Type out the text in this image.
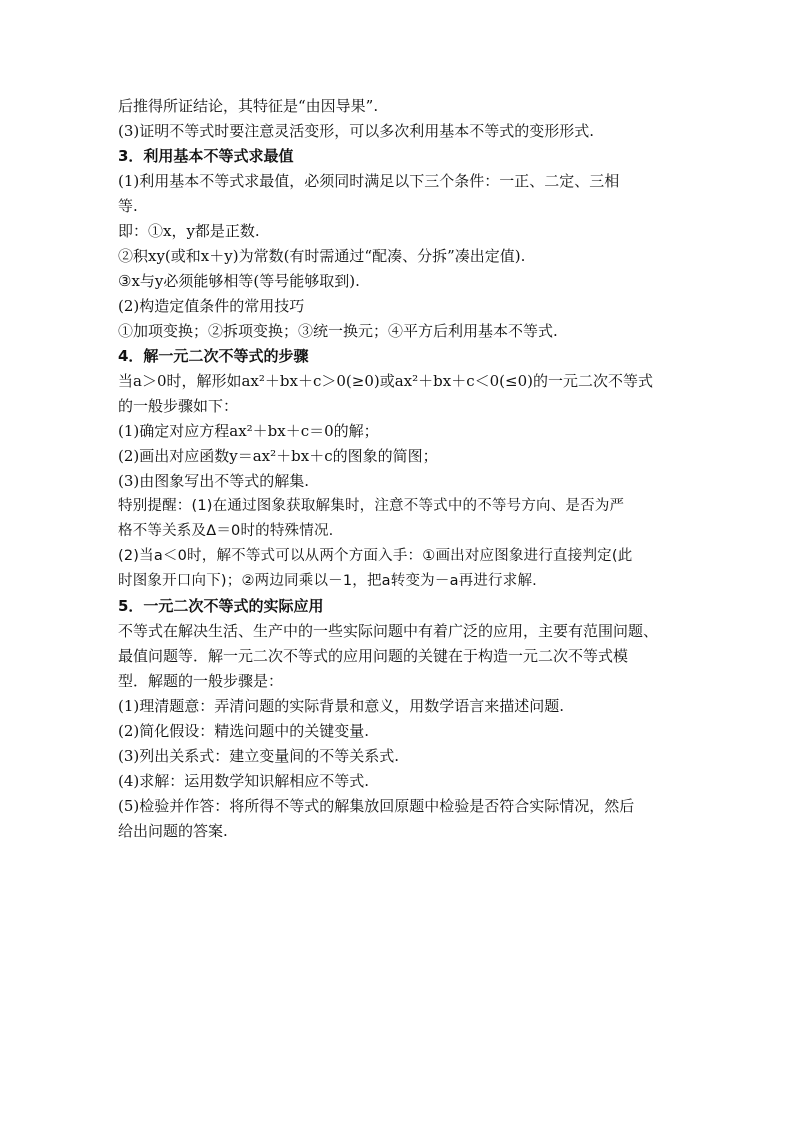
后推得所证结论，其特征是“由因导果”.
(3)证明不等式时要注意灵活变形，可以多次利用基本不等式的变形形式.
3．利用基本不等式求最值
(1)利用基本不等式求最值，必须同时满足以下三个条件：一正、二定、三相
等.
即：①x，y都是正数.
②积xy(或和x＋y)为常数(有时需通过“配凑、分拆”凑出定值).
③x与y必须能够相等(等号能够取到).
(2)构造定值条件的常用技巧
①加项变换；②拆项变换；③统一换元；④平方后利用基本不等式.
4．解一元二次不等式的步骤
当a＞0时，解形如ax²＋bx＋c＞0(≥0)或ax²＋bx＋c＜0(≤0)的一元二次不等式
的一般步骤如下：
(1)确定对应方程ax²＋bx＋c＝0的解；
(2)画出对应函数y＝ax²＋bx＋c的图象的简图；
(3)由图象写出不等式的解集.
特别提醒：(1)在通过图象获取解集时，注意不等式中的不等号方向、是否为严
格不等关系及Δ＝0时的特殊情况.
(2)当a＜0时，解不等式可以从两个方面入手：①画出对应图象进行直接判定(此
时图象开口向下)；②两边同乘以－1，把a转变为－a再进行求解.
5．一元二次不等式的实际应用
不等式在解决生活、生产中的一些实际问题中有着广泛的应用，主要有范围问题、
最值问题等．解一元二次不等式的应用问题的关键在于构造一元二次不等式模
型．解题的一般步骤是：
(1)理清题意：弄清问题的实际背景和意义，用数学语言来描述问题.
(2)简化假设：精选问题中的关键变量.
(3)列出关系式：建立变量间的不等关系式.
(4)求解：运用数学知识解相应不等式.
(5)检验并作答：将所得不等式的解集放回原题中检验是否符合实际情况，然后
给出问题的答案.
